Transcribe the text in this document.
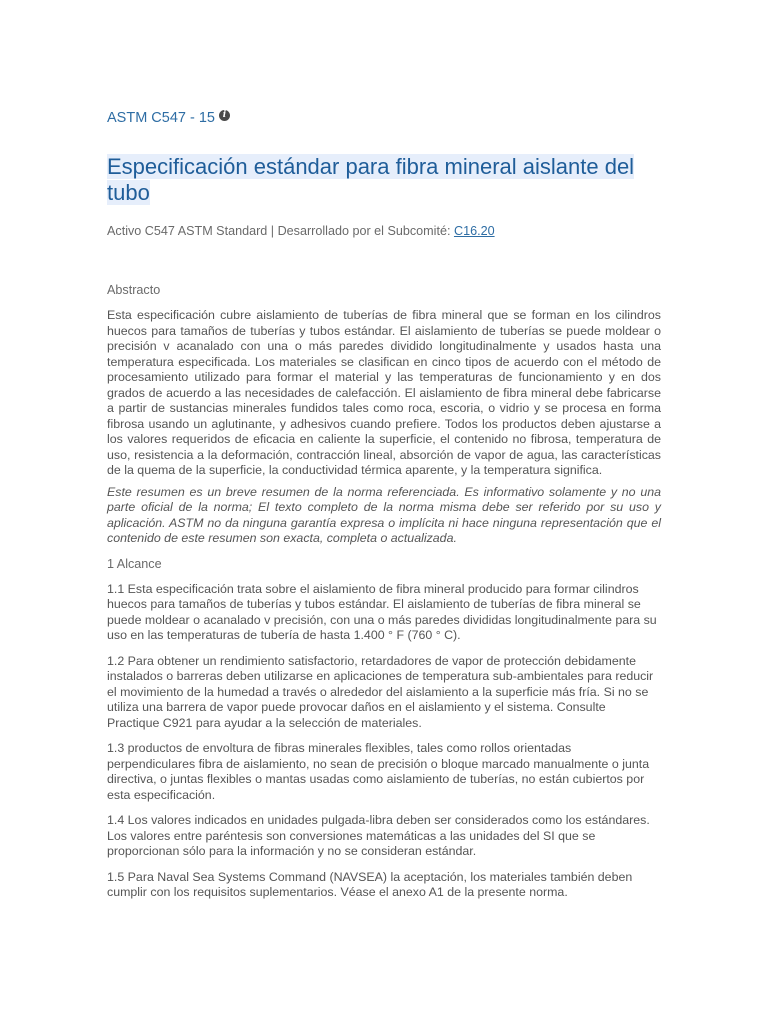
ASTM C547 - 15 i
Especificación estándar para fibra mineral aislante del tubo
Activo C547 ASTM Standard | Desarrollado por el Subcomité: C16.20
Abstracto

Esta especificación cubre aislamiento de tuberías de fibra mineral que se forman en los cilindros huecos para tamaños de tuberías y tubos estándar. El aislamiento de tuberías se puede moldear o precisión v acanalado con una o más paredes dividido longitudinalmente y usados hasta una temperatura especificada. Los materiales se clasifican en cinco tipos de acuerdo con el método de procesamiento utilizado para formar el material y las temperaturas de funcionamiento y en dos grados de acuerdo a las necesidades de calefacción. El aislamiento de fibra mineral debe fabricarse a partir de sustancias minerales fundidos tales como roca, escoria, o vidrio y se procesa en forma fibrosa usando un aglutinante, y adhesivos cuando prefiere. Todos los productos deben ajustarse a los valores requeridos de eficacia en caliente la superficie, el contenido no fibrosa, temperatura de uso, resistencia a la deformación, contracción lineal, absorción de vapor de agua, las características de la quema de la superficie, la conductividad térmica aparente, y la temperatura significa.

Este resumen es un breve resumen de la norma referenciada. Es informativo solamente y no una parte oficial de la norma; El texto completo de la norma misma debe ser referido por su uso y aplicación. ASTM no da ninguna garantía expresa o implícita ni hace ninguna representación que el contenido de este resumen son exacta, completa o actualizada.

1 Alcance

1.1 Esta especificación trata sobre el aislamiento de fibra mineral producido para formar cilindros huecos para tamaños de tuberías y tubos estándar. El aislamiento de tuberías de fibra mineral se puede moldear o acanalado v precisión, con una o más paredes divididas longitudinalmente para su uso en las temperaturas de tubería de hasta 1.400 ° F (760 ° C).

1.2 Para obtener un rendimiento satisfactorio, retardadores de vapor de protección debidamente instalados o barreras deben utilizarse en aplicaciones de temperatura sub-ambientales para reducir el movimiento de la humedad a través o alrededor del aislamiento a la superficie más fría. Si no se utiliza una barrera de vapor puede provocar daños en el aislamiento y el sistema. Consulte Practique C921 para ayudar a la selección de materiales.

1.3 productos de envoltura de fibras minerales flexibles, tales como rollos orientadas perpendiculares fibra de aislamiento, no sean de precisión o bloque marcado manualmente o junta directiva, o juntas flexibles o mantas usadas como aislamiento de tuberías, no están cubiertos por esta especificación.

1.4 Los valores indicados en unidades pulgada-libra deben ser considerados como los estándares. Los valores entre paréntesis son conversiones matemáticas a las unidades del SI que se proporcionan sólo para la información y no se consideran estándar.

1.5 Para Naval Sea Systems Command (NAVSEA) la aceptación, los materiales también deben cumplir con los requisitos suplementarios. Véase el anexo A1 de la presente norma.
